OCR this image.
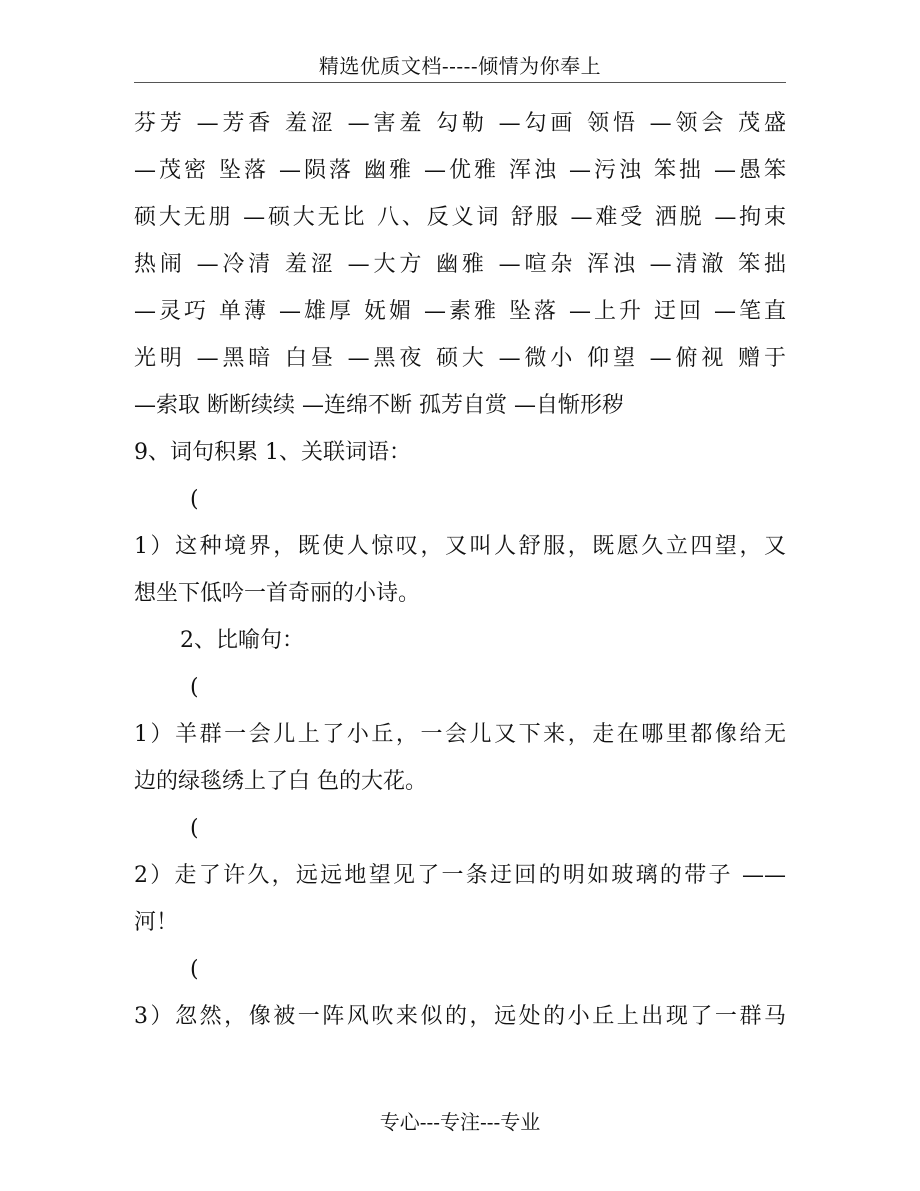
精选优质文档-----倾情为你奉上
芬芳 —芳香 羞涩 —害羞 勾勒 —勾画 领悟 —领会 茂盛
—茂密 坠落 —陨落 幽雅 —优雅 浑浊 —污浊 笨拙 —愚笨
硕大无朋 —硕大无比 八、反义词 舒服 —难受 洒脱 —拘束
热闹 —冷清 羞涩 —大方 幽雅 —喧杂 浑浊 —清澈 笨拙
—灵巧 单薄 —雄厚 妩媚 —素雅 坠落 —上升 迂回 —笔直
光明 —黑暗 白昼 —黑夜 硕大 —微小 仰望 —俯视 赠于
—索取 断断续续 —连绵不断 孤芳自赏 —自惭形秽
9、词句积累 1、关联词语：
(
1）这种境界，既使人惊叹，又叫人舒服，既愿久立四望，又
想坐下低吟一首奇丽的小诗。
2、比喻句：
(
1）羊群一会儿上了小丘，一会儿又下来，走在哪里都像给无
边的绿毯绣上了白 色的大花。
(
2）走了许久，远远地望见了一条迂回的明如玻璃的带子 ——
河！
(
3）忽然，像被一阵风吹来似的，远处的小丘上出现了一群马
专心---专注---专业
